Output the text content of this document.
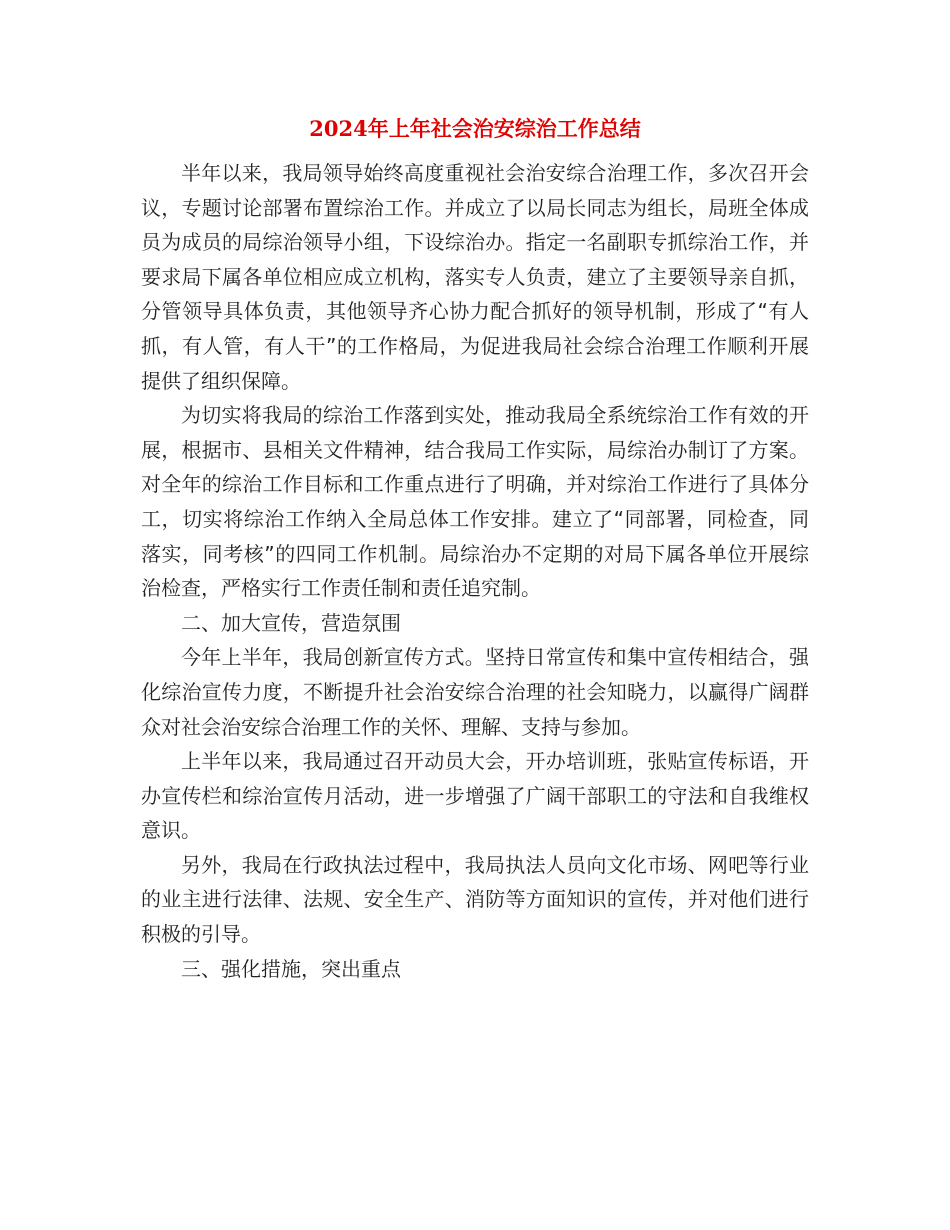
2024年上年社会治安综治工作总结

半年以来，我局领导始终高度重视社会治安综合治理工作，多次召开会议，专题讨论部署布置综治工作。并成立了以局长同志为组长，局班全体成员为成员的局综治领导小组，下设综治办。指定一名副职专抓综治工作，并要求局下属各单位相应成立机构，落实专人负责，建立了主要领导亲自抓，分管领导具体负责，其他领导齐心协力配合抓好的领导机制，形成了“有人抓，有人管，有人干”的工作格局，为促进我局社会综合治理工作顺利开展提供了组织保障。

为切实将我局的综治工作落到实处，推动我局全系统综治工作有效的开展，根据市、县相关文件精神，结合我局工作实际，局综治办制订了方案。对全年的综治工作目标和工作重点进行了明确，并对综治工作进行了具体分工，切实将综治工作纳入全局总体工作安排。建立了“同部署，同检查，同落实，同考核”的四同工作机制。局综治办不定期的对局下属各单位开展综治检查，严格实行工作责任制和责任追究制。

二、加大宣传，营造氛围

今年上半年，我局创新宣传方式。坚持日常宣传和集中宣传相结合，强化综治宣传力度，不断提升社会治安综合治理的社会知晓力，以赢得广阔群众对社会治安综合治理工作的关怀、理解、支持与参加。

上半年以来，我局通过召开动员大会，开办培训班，张贴宣传标语，开办宣传栏和综治宣传月活动，进一步增强了广阔干部职工的守法和自我维权意识。

另外，我局在行政执法过程中，我局执法人员向文化市场、网吧等行业的业主进行法律、法规、安全生产、消防等方面知识的宣传，并对他们进行积极的引导。

三、强化措施，突出重点
